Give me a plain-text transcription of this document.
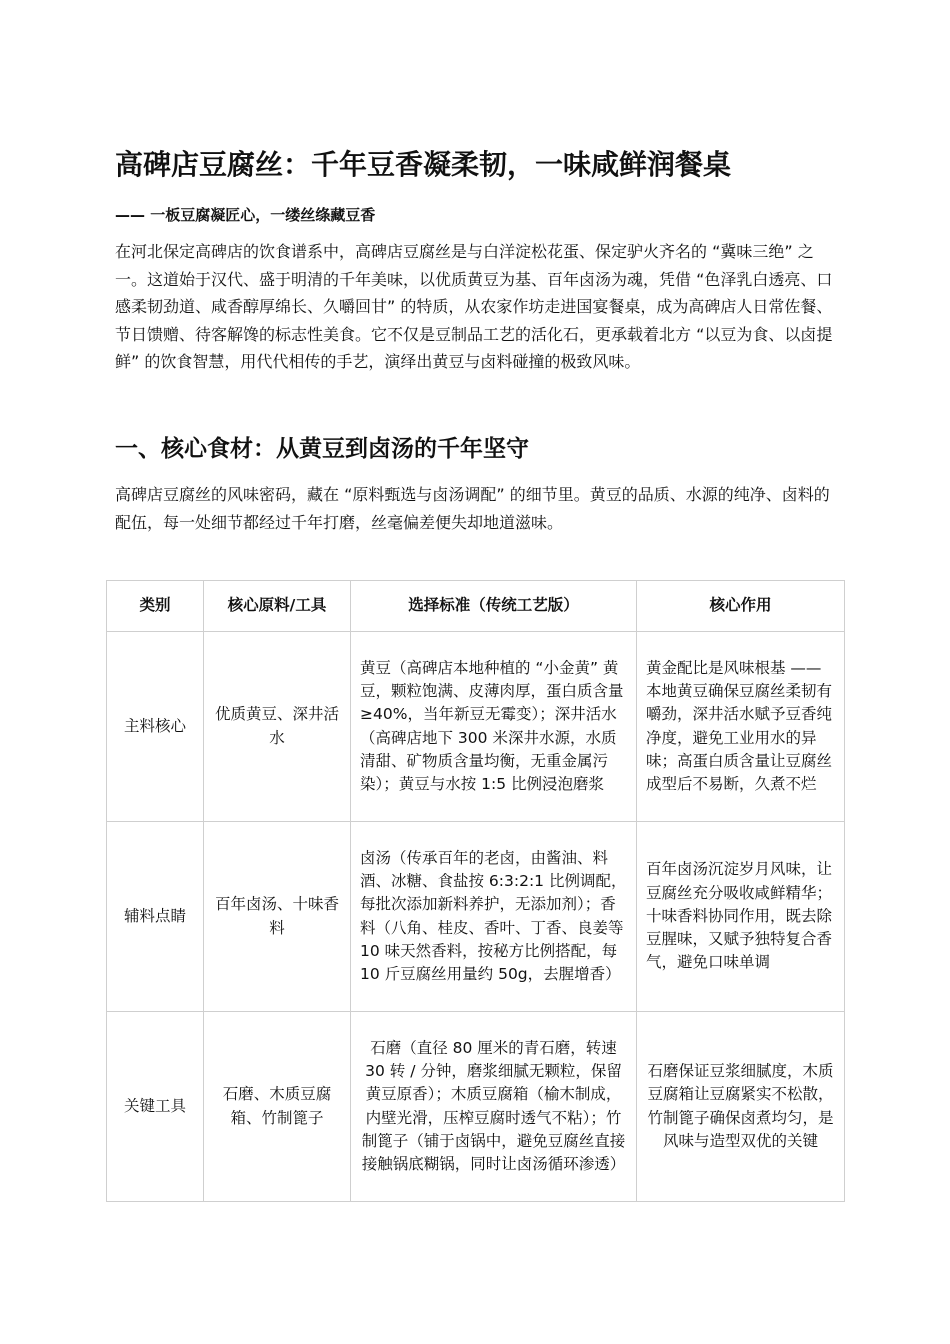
高碑店豆腐丝：千年豆香凝柔韧，一味咸鲜润餐桌

—— 一板豆腐凝匠心，一缕丝绦藏豆香

在河北保定高碑店的饮食谱系中，高碑店豆腐丝是与白洋淀松花蛋、保定驴火齐名的 “冀味三绝” 之一。这道始于汉代、盛于明清的千年美味，以优质黄豆为基、百年卤汤为魂，凭借 “色泽乳白透亮、口感柔韧劲道、咸香醇厚绵长、久嚼回甘” 的特质，从农家作坊走进国宴餐桌，成为高碑店人日常佐餐、节日馈赠、待客解馋的标志性美食。它不仅是豆制品工艺的活化石，更承载着北方 “以豆为食、以卤提鲜” 的饮食智慧，用代代相传的手艺，演绎出黄豆与卤料碰撞的极致风味。

一、核心食材：从黄豆到卤汤的千年坚守

高碑店豆腐丝的风味密码，藏在 “原料甄选与卤汤调配” 的细节里。黄豆的品质、水源的纯净、卤料的配伍，每一处细节都经过千年打磨，丝毫偏差便失却地道滋味。

类别	核心原料/工具	选择标准（传统工艺版）	核心作用
主料核心	优质黄豆、深井活水	黄豆（高碑店本地种植的 “小金黄” 黄豆，颗粒饱满、皮薄肉厚，蛋白质含量≥40%，当年新豆无霉变）；深井活水（高碑店地下 300 米深井水源，水质清甜、矿物质含量均衡，无重金属污染）；黄豆与水按 1:5 比例浸泡磨浆	黄金配比是风味根基 —— 本地黄豆确保豆腐丝柔韧有嚼劲，深井活水赋予豆香纯净度，避免工业用水的异味；高蛋白质含量让豆腐丝成型后不易断，久煮不烂
辅料点睛	百年卤汤、十味香料	卤汤（传承百年的老卤，由酱油、料酒、冰糖、食盐按 6:3:2:1 比例调配，每批次添加新料养护，无添加剂）；香料（八角、桂皮、香叶、丁香、良姜等 10 味天然香料，按秘方比例搭配，每 10 斤豆腐丝用量约 50g，去腥增香）	百年卤汤沉淀岁月风味，让豆腐丝充分吸收咸鲜精华；十味香料协同作用，既去除豆腥味，又赋予独特复合香气，避免口味单调
关键工具	石磨、木质豆腐箱、竹制篦子	石磨（直径 80 厘米的青石磨，转速 30 转 / 分钟，磨浆细腻无颗粒，保留黄豆原香）；木质豆腐箱（榆木制成，内壁光滑，压榨豆腐时透气不粘）；竹制篦子（铺于卤锅中，避免豆腐丝直接接触锅底糊锅，同时让卤汤循环渗透）	石磨保证豆浆细腻度，木质豆腐箱让豆腐紧实不松散，竹制篦子确保卤煮均匀，是风味与造型双优的关键
